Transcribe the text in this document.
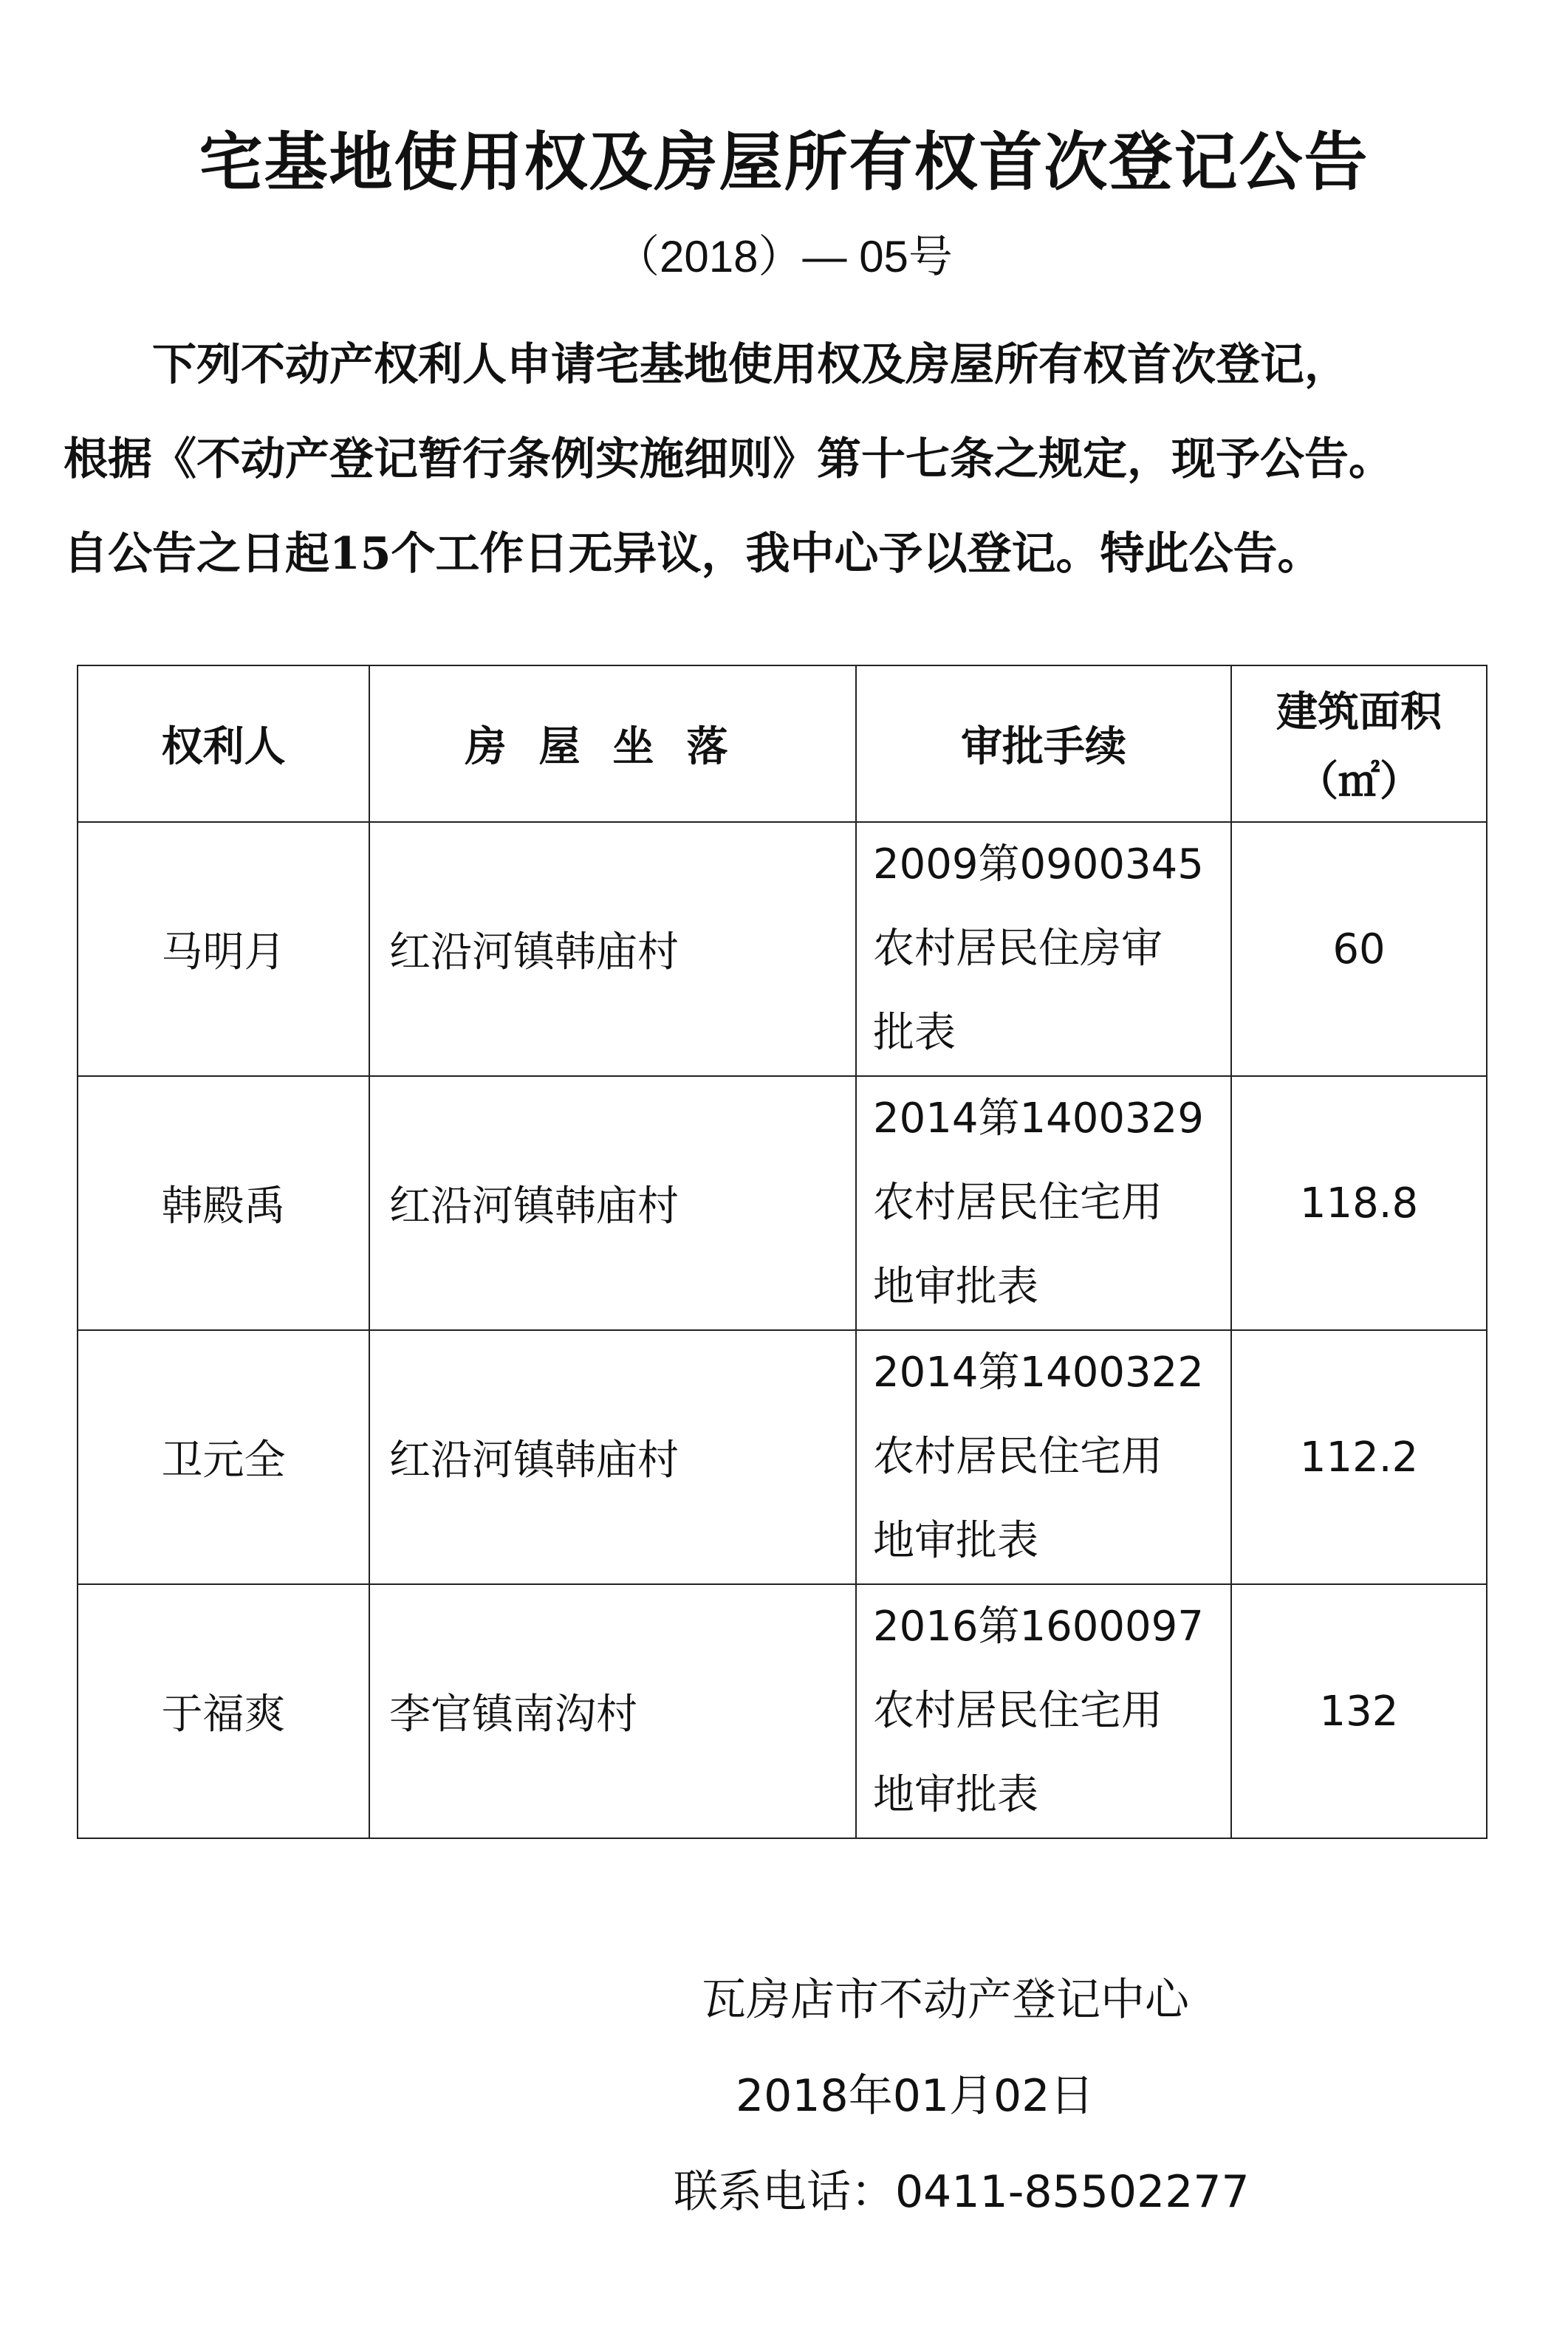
宅基地使用权及房屋所有权首次登记公告
（2018）— 05号

下列不动产权利人申请宅基地使用权及房屋所有权首次登记，

根据《不动产登记暂行条例实施细则》第十七条之规定，现予公告。

自公告之日起15个工作日无异议，我中心予以登记。特此公告。

权利人	房屋坐落	审批手续	建筑面积
（㎡）

马明月	红沿河镇韩庙村	2009第0900345
农村居民住房审
批表	60
韩殿禹	红沿河镇韩庙村	2014第1400329
农村居民住宅用
地审批表	118.8
卫元全	红沿河镇韩庙村	2014第1400322
农村居民住宅用
地审批表	112.2
于福爽	李官镇南沟村	2016第1600097
农村居民住宅用
地审批表	132
瓦房店市不动产登记中心
2018年01月02日
联系电话：0411-85502277
